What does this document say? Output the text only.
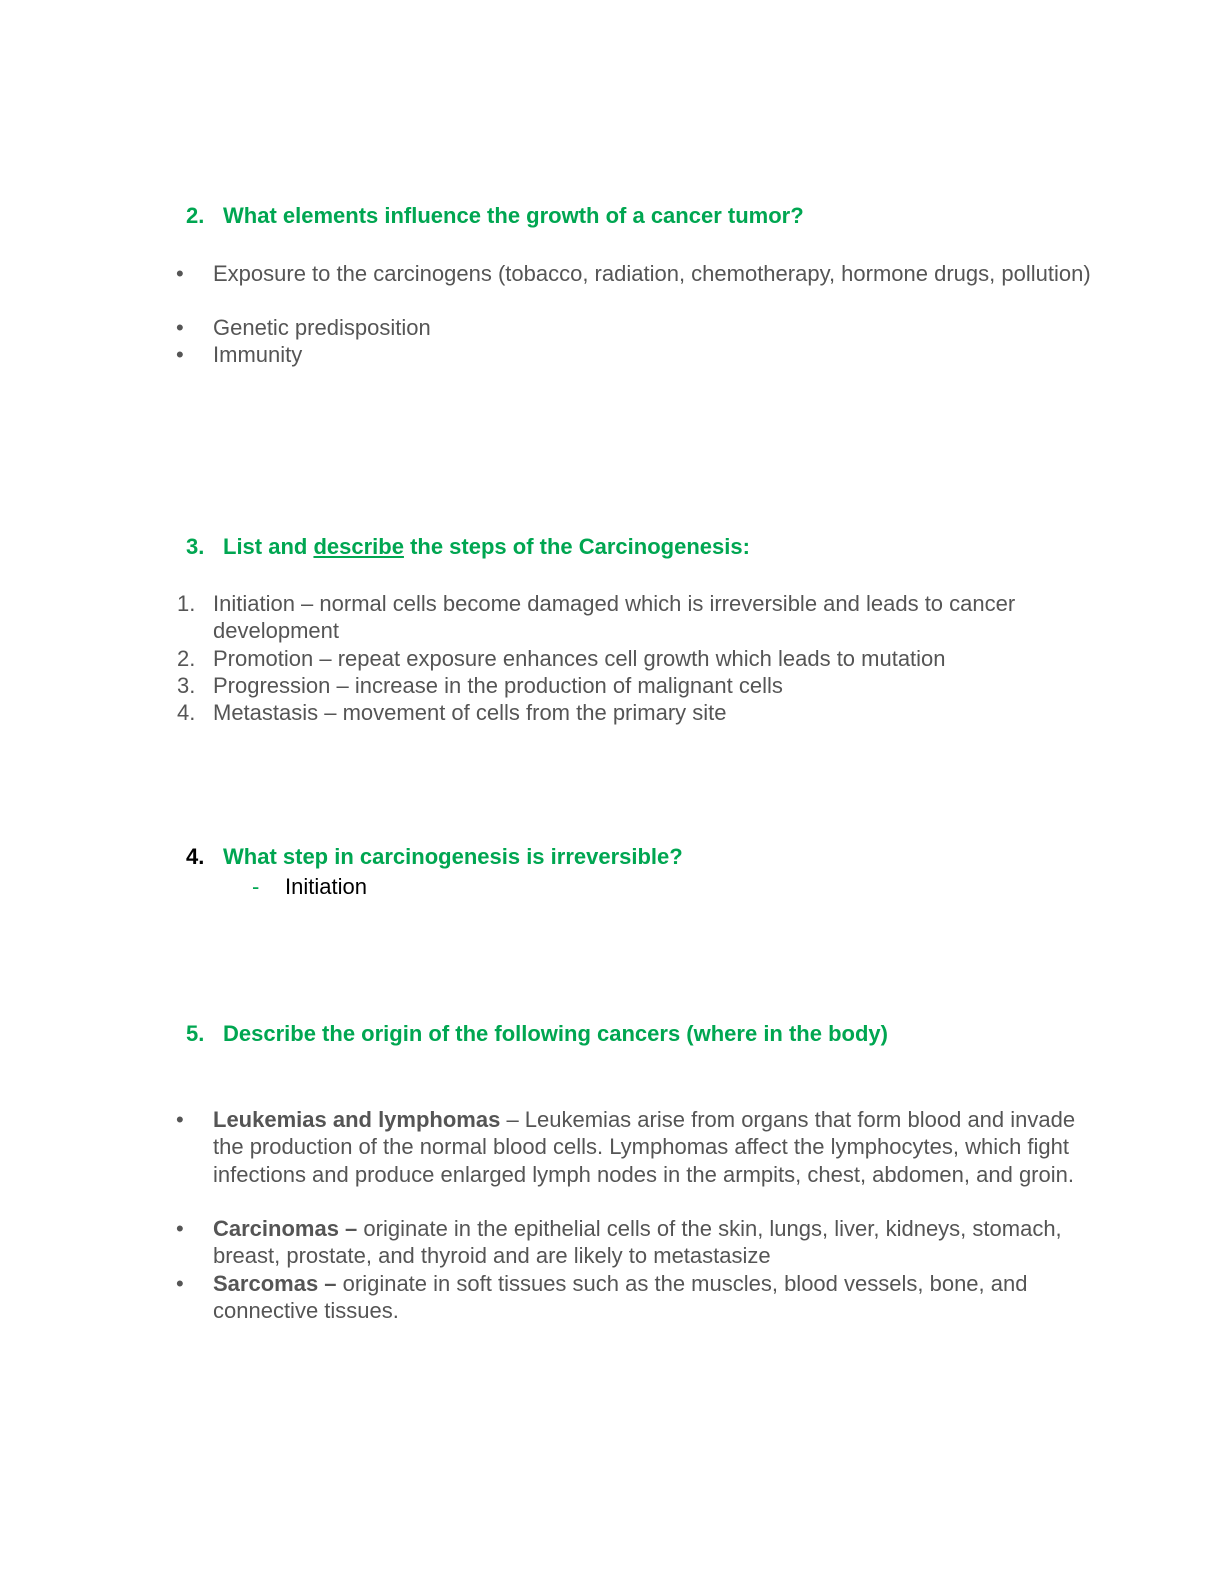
2. What elements influence the growth of a cancer tumor?
•	Exposure to the carcinogens (tobacco, radiation, chemotherapy, hormone drugs, pollution)
•	Genetic predisposition
•	Immunity
3. List and describe the steps of the Carcinogenesis:
1. Initiation – normal cells become damaged which is irreversible and leads to cancer development
2. Promotion – repeat exposure enhances cell growth which leads to mutation
3. Progression – increase in the production of malignant cells
4. Metastasis – movement of cells from the primary site
4. What step in carcinogenesis is irreversible?
- Initiation
5. Describe the origin of the following cancers (where in the body)
•	Leukemias and lymphomas – Leukemias arise from organs that form blood and invade the production of the normal blood cells. Lymphomas affect the lymphocytes, which fight infections and produce enlarged lymph nodes in the armpits, chest, abdomen, and groin.
•	Carcinomas – originate in the epithelial cells of the skin, lungs, liver, kidneys, stomach, breast, prostate, and thyroid and are likely to metastasize
•	Sarcomas – originate in soft tissues such as the muscles, blood vessels, bone, and connective tissues.
